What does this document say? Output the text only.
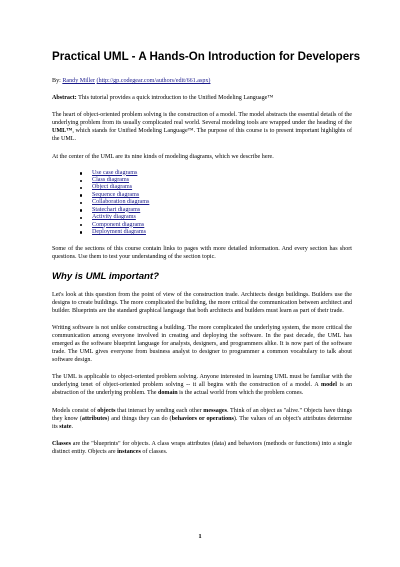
Practical UML - A Hands-On Introduction for Developers

By: Randy Miller (http://gp.codegear.com/authors/edit/661.aspx)

Abstract: This tutorial provides a quick introduction to the Unified Modeling Language™

The heart of object-oriented problem solving is the construction of a model. The model abstracts the essential details of the underlying problem from its usually complicated real world. Several modeling tools are wrapped under the heading of the UML™, which stands for Unified Modeling Language™. The purpose of this course is to present important highlights of the UML.

At the center of the UML are its nine kinds of modeling diagrams, which we describe here.

Use case diagrams
Class diagrams
Object diagrams
Sequence diagrams
Collaboration diagrams
Statechart diagrams
Activity diagrams
Component diagrams
Deployment diagrams

Some of the sections of this course contain links to pages with more detailed information. And every section has short questions. Use them to test your understanding of the section topic.

Why is UML important?

Let's look at this question from the point of view of the construction trade. Architects design buildings. Builders use the designs to create buildings. The more complicated the building, the more critical the communication between architect and builder. Blueprints are the standard graphical language that both architects and builders must learn as part of their trade.

Writing software is not unlike constructing a building. The more complicated the underlying system, the more critical the communication among everyone involved in creating and deploying the software. In the past decade, the UML has emerged as the software blueprint language for analysts, designers, and programmers alike. It is now part of the software trade. The UML gives everyone from business analyst to designer to programmer a common vocabulary to talk about software design.

The UML is applicable to object-oriented problem solving. Anyone interested in learning UML must be familiar with the underlying tenet of object-oriented problem solving -- it all begins with the construction of a model. A model is an abstraction of the underlying problem. The domain is the actual world from which the problem comes.

Models consist of objects that interact by sending each other messages. Think of an object as "alive." Objects have things they know (attributes) and things they can do (behaviors or operations). The values of an object's attributes determine its state.

Classes are the "blueprints" for objects. A class wraps attributes (data) and behaviors (methods or functions) into a single distinct entity. Objects are instances of classes.

1
